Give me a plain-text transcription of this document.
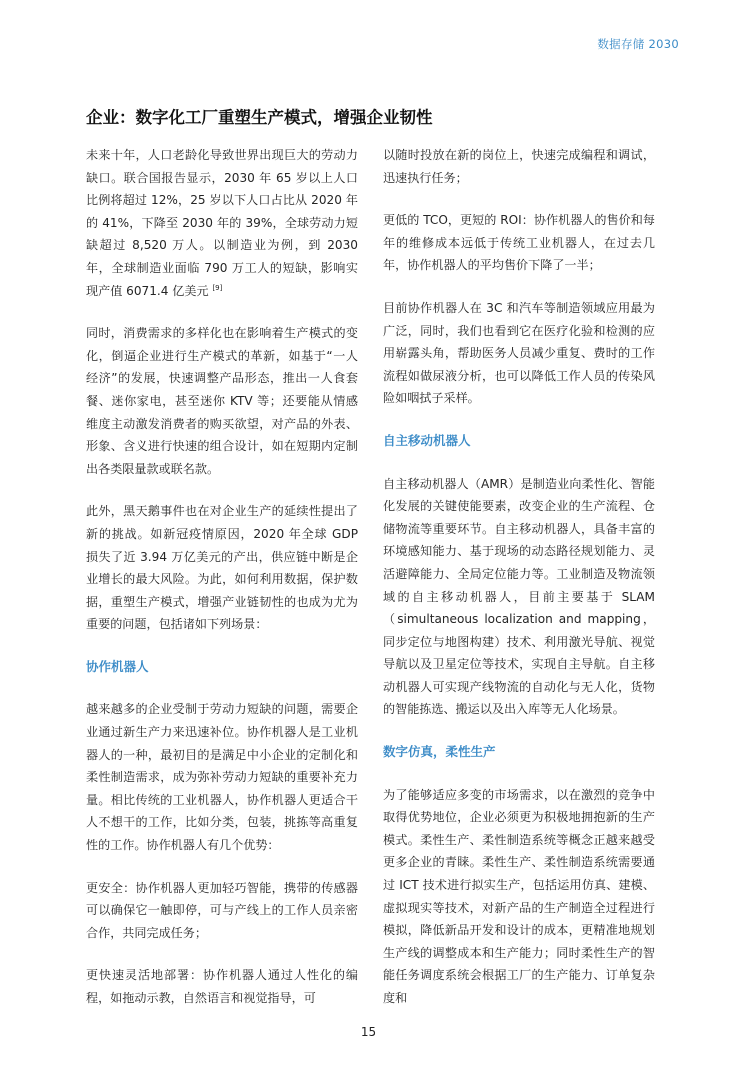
数据存储 2030
企业：数字化工厂重塑生产模式，增强企业韧性

未来十年，人口老龄化导致世界出现巨大的劳动力缺口。联合国报告显示，2030 年 65 岁以上人口比例将超过 12%，25 岁以下人口占比从 2020 年的 41%，下降至 2030 年的 39%，全球劳动力短缺超过 8,520 万人。以制造业为例，到 2030 年，全球制造业面临 790 万工人的短缺，影响实现产值 6071.4 亿美元 [9]

同时，消费需求的多样化也在影响着生产模式的变化，倒逼企业进行生产模式的革新，如基于“一人经济”的发展，快速调整产品形态，推出一人食套餐、迷你家电，甚至迷你 KTV 等；还要能从情感维度主动激发消费者的购买欲望，对产品的外表、形象、含义进行快速的组合设计，如在短期内定制出各类限量款或联名款。

此外，黑天鹅事件也在对企业生产的延续性提出了新的挑战。如新冠疫情原因，2020 年全球 GDP 损失了近 3.94 万亿美元的产出，供应链中断是企业增长的最大风险。为此，如何利用数据，保护数据，重塑生产模式，增强产业链韧性的也成为尤为重要的问题，包括诸如下列场景：

协作机器人

越来越多的企业受制于劳动力短缺的问题，需要企业通过新生产力来迅速补位。协作机器人是工业机器人的一种，最初目的是满足中小企业的定制化和柔性制造需求，成为弥补劳动力短缺的重要补充力量。相比传统的工业机器人，协作机器人更适合干人不想干的工作，比如分类，包装，挑拣等高重复性的工作。协作机器人有几个优势：

更安全：协作机器人更加轻巧智能，携带的传感器可以确保它一触即停，可与产线上的工作人员亲密合作，共同完成任务；

更快速灵活地部署：协作机器人通过人性化的编程，如拖动示教，自然语言和视觉指导，可

以随时投放在新的岗位上，快速完成编程和调试，迅速执行任务；

更低的 TCO，更短的 ROI：协作机器人的售价和每年的维修成本远低于传统工业机器人，在过去几年，协作机器人的平均售价下降了一半；

目前协作机器人在 3C 和汽车等制造领域应用最为广泛，同时，我们也看到它在医疗化验和检测的应用崭露头角，帮助医务人员减少重复、费时的工作流程如做尿液分析，也可以降低工作人员的传染风险如咽拭子采样。

自主移动机器人

自主移动机器人（AMR）是制造业向柔性化、智能化发展的关键使能要素，改变企业的生产流程、仓储物流等重要环节。自主移动机器人，具备丰富的环境感知能力、基于现场的动态路径规划能力、灵活避障能力、全局定位能力等。工业制造及物流领域的自主移动机器人，目前主要基于 SLAM（simultaneous localization and mapping，同步定位与地图构建）技术、利用激光导航、视觉导航以及卫星定位等技术，实现自主导航。自主移动机器人可实现产线物流的自动化与无人化，货物的智能拣选、搬运以及出入库等无人化场景。

数字仿真，柔性生产

为了能够适应多变的市场需求，以在激烈的竞争中取得优势地位，企业必须更为积极地拥抱新的生产模式。柔性生产、柔性制造系统等概念正越来越受更多企业的青睐。柔性生产、柔性制造系统需要通过 ICT 技术进行拟实生产，包括运用仿真、建模、虚拟现实等技术，对新产品的生产制造全过程进行模拟，降低新品开发和设计的成本，更精准地规划生产线的调整成本和生产能力；同时柔性生产的智能任务调度系统会根据工厂的生产能力、订单复杂度和

15
